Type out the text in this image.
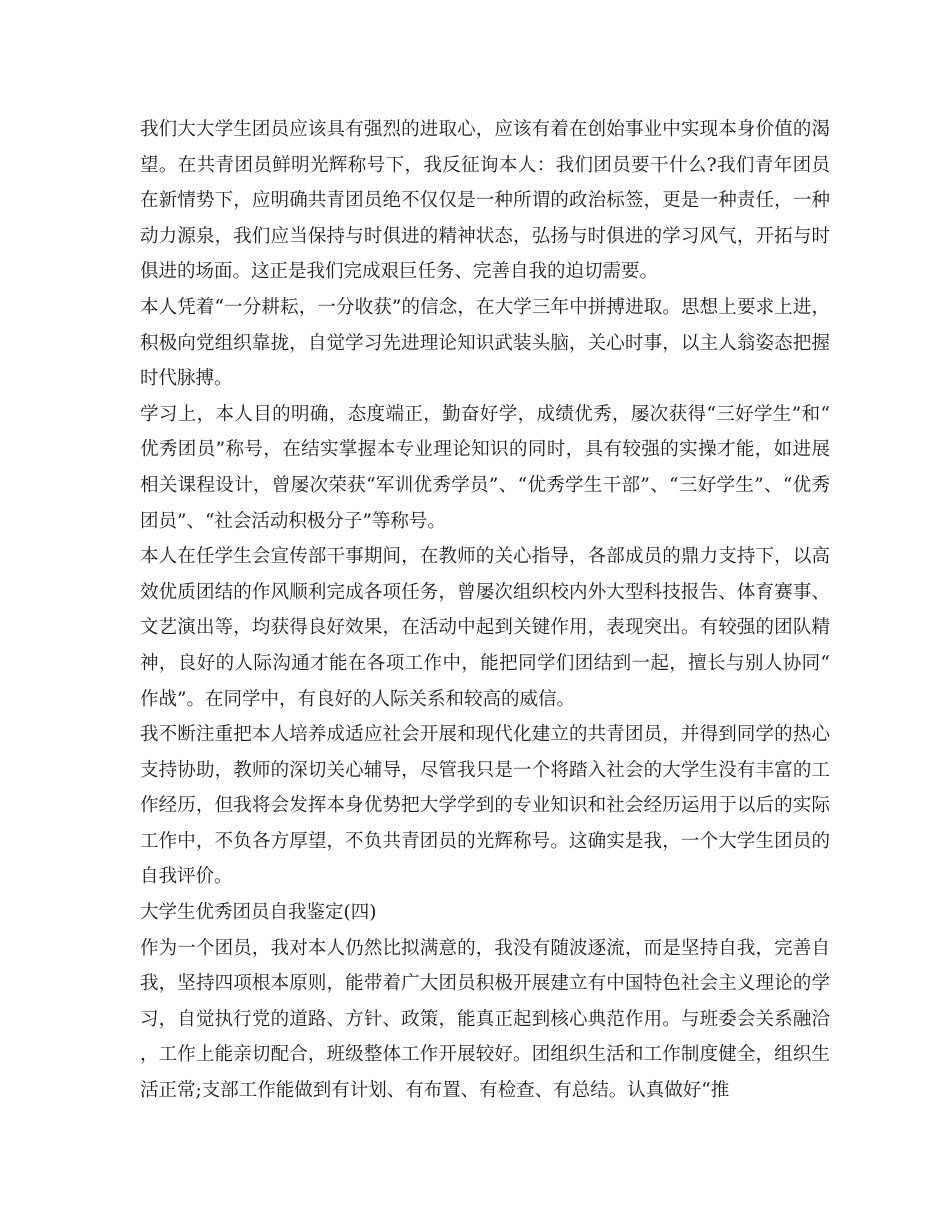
我们大大学生团员应该具有强烈的进取心，应该有着在创始事业中实现本身价值的渴望。在共青团员鲜明光辉称号下，我反征询本人：我们团员要干什么?我们青年团员在新情势下，应明确共青团员绝不仅仅是一种所谓的政治标签，更是一种责任，一种动力源泉，我们应当保持与时俱进的精神状态，弘扬与时俱进的学习风气，开拓与时俱进的场面。这正是我们完成艰巨任务、完善自我的迫切需要。

本人凭着“一分耕耘，一分收获”的信念，在大学三年中拼搏进取。思想上要求上进，积极向党组织靠拢，自觉学习先进理论知识武装头脑，关心时事，以主人翁姿态把握时代脉搏。

学习上，本人目的明确，态度端正，勤奋好学，成绩优秀，屡次获得“三好学生”和“优秀团员”称号，在结实掌握本专业理论知识的同时，具有较强的实操才能，如进展相关课程设计，曾屡次荣获“军训优秀学员”、“优秀学生干部”、“三好学生”、“优秀团员”、“社会活动积极分子”等称号。

本人在任学生会宣传部干事期间，在教师的关心指导，各部成员的鼎力支持下，以高效优质团结的作风顺利完成各项任务，曾屡次组织校内外大型科技报告、体育赛事、文艺演出等，均获得良好效果，在活动中起到关键作用，表现突出。有较强的团队精神，良好的人际沟通才能在各项工作中，能把同学们团结到一起，擅长与别人协同“作战”。在同学中，有良好的人际关系和较高的威信。

我不断注重把本人培养成适应社会开展和现代化建立的共青团员，并得到同学的热心支持协助，教师的深切关心辅导，尽管我只是一个将踏入社会的大学生没有丰富的工作经历，但我将会发挥本身优势把大学学到的专业知识和社会经历运用于以后的实际工作中，不负各方厚望，不负共青团员的光辉称号。这确实是我，一个大学生团员的自我评价。

大学生优秀团员自我鉴定(四)

作为一个团员，我对本人仍然比拟满意的，我没有随波逐流，而是坚持自我，完善自我，坚持四项根本原则，能带着广大团员积极开展建立有中国特色社会主义理论的学习，自觉执行党的道路、方针、政策，能真正起到核心典范作用。与班委会关系融洽，工作上能亲切配合，班级整体工作开展较好。团组织生活和工作制度健全，组织生活正常;支部工作能做到有计划、有布置、有检查、有总结。认真做好“推
